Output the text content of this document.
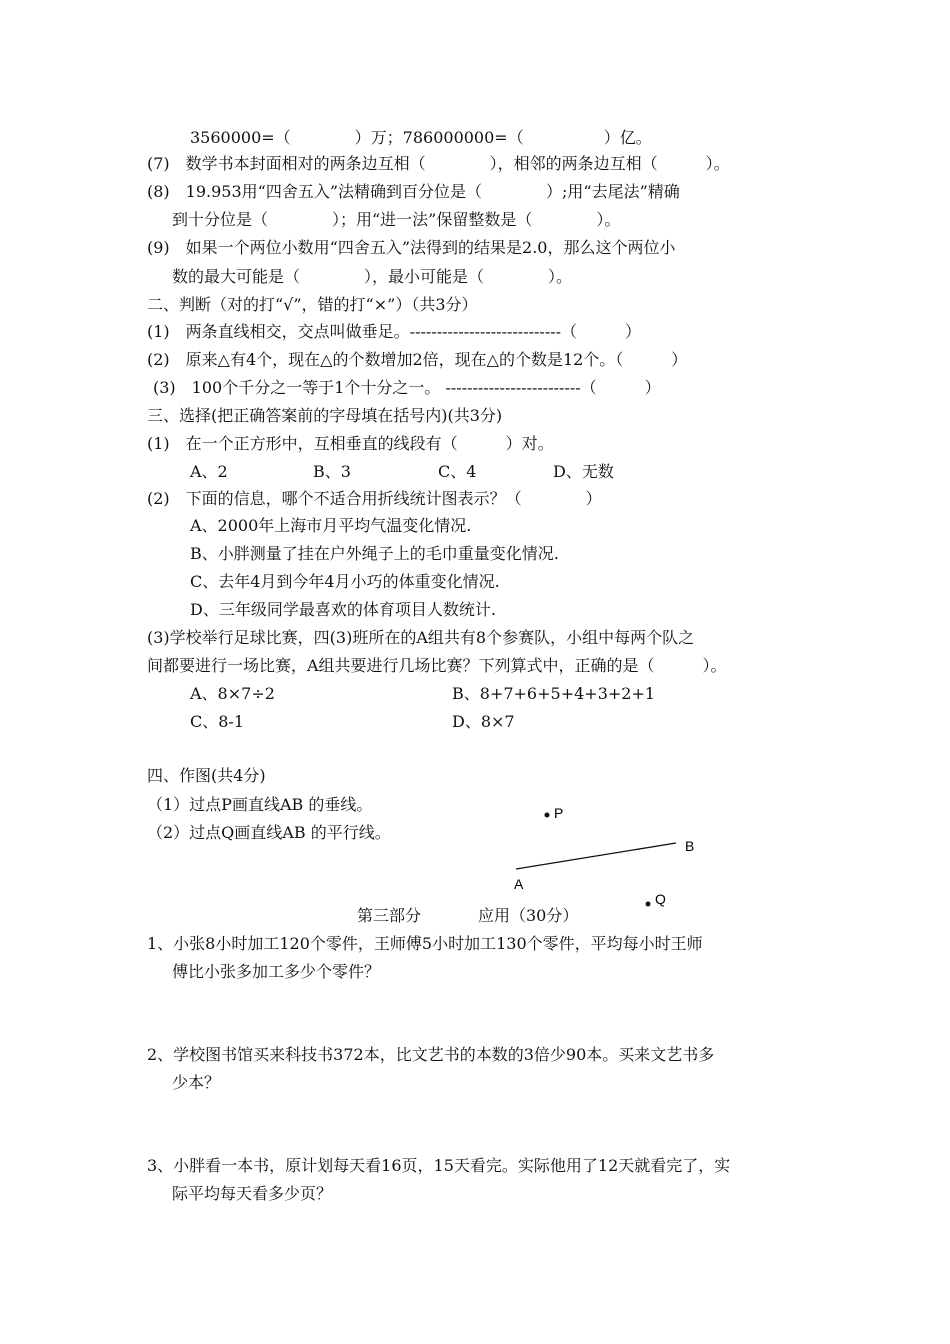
3560000=（　　　　）万；786000000=（　　　　　）亿。
(7)　数学书本封面相对的两条边互相（　　　　），相邻的两条边互相（　　　）。
(8)　19.953用“四舍五入”法精确到百分位是（　　　　）;用“去尾法”精确
到十分位是（　　　　）；用“进一法”保留整数是（　　　　）。
(9)　如果一个两位小数用“四舍五入”法得到的结果是2.0，那么这个两位小
数的最大可能是（　　　　），最小可能是（　　　　）。
二、判断（对的打“√”，错的打“×”）（共3分）
(1)　两条直线相交，交点叫做垂足。----------------------------（　　　）
(2)　原来△有4个，现在△的个数增加2倍，现在△的个数是12个。（　　　）
(3)　100个千分之一等于1个十分之一。 -------------------------（　　　）
三、选择(把正确答案前的字母填在括号内)(共3分)
(1)　在一个正方形中，互相垂直的线段有（　　　）对。
A、2	B、3	C、4	D、无数
(2)　下面的信息，哪个不适合用折线统计图表示？（　　　　）
A、2000年上海市月平均气温变化情况.
B、小胖测量了挂在户外绳子上的毛巾重量变化情况.
C、去年4月到今年4月小巧的体重变化情况.
D、三年级同学最喜欢的体育项目人数统计.
(3)学校举行足球比赛，四(3)班所在的A组共有8个参赛队，小组中每两个队之
间都要进行一场比赛，A组共要进行几场比赛？下列算式中，正确的是（　　　）。
A、8×7÷2	B、8+7+6+5+4+3+2+1
C、8-1	D、8×7
四、作图(共4分)
（1）过点P画直线AB 的垂线。
（2）过点Q画直线AB 的平行线。
P
B
A
Q
第三部分	应用（30分）
1、小张8小时加工120个零件，王师傅5小时加工130个零件，平均每小时王师
傅比小张多加工多少个零件？
2、学校图书馆买来科技书372本，比文艺书的本数的3倍少90本。买来文艺书多
少本？
3、小胖看一本书，原计划每天看16页，15天看完。实际他用了12天就看完了，实
际平均每天看多少页？
